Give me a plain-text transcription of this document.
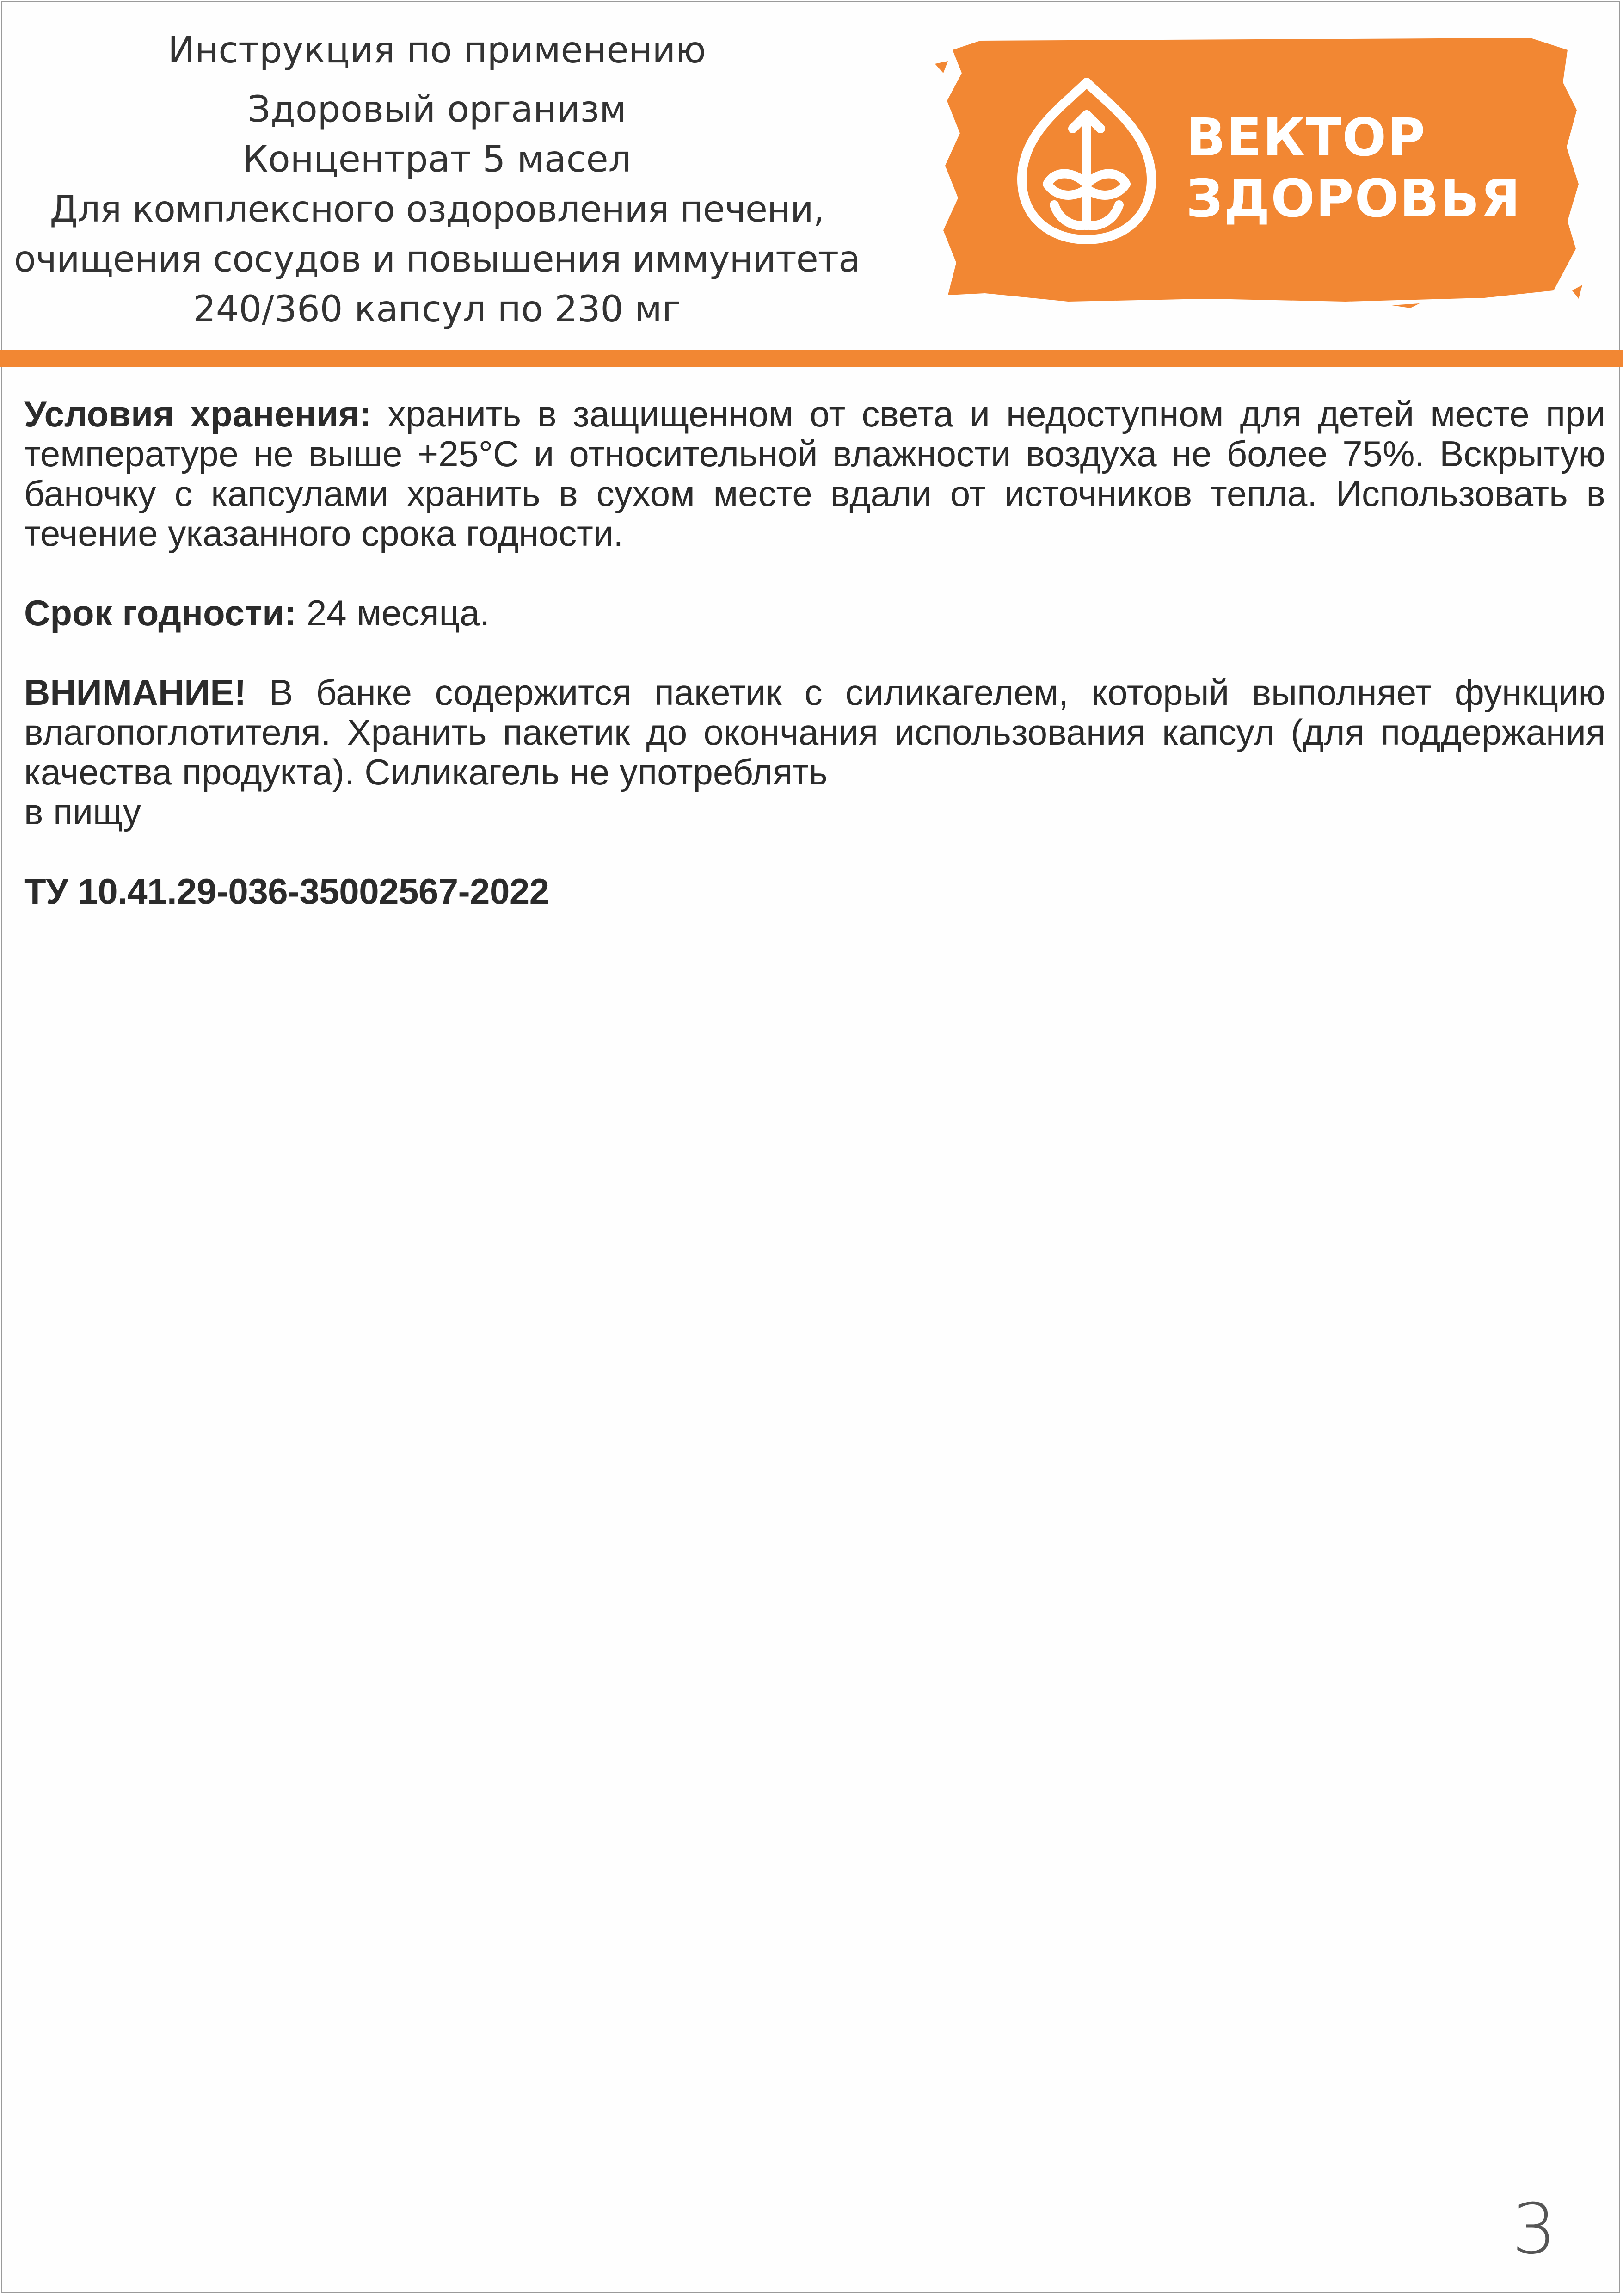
Инструкция по применению
Здоровый организм
Концентрат 5 масел
Для комплексного оздоровления печени,
очищения сосудов и повышения иммунитета
240/360 капсул по 230 мг
ВЕКТОР
ЗДОРОВЬЯ

Условия хранения: хранить в защищенном от света и недоступном для детей месте при температуре не выше +25°С и относительной влажности воздуха не более 75%. Вскрытую баночку с капсулами хранить в сухом месте вдали от источников тепла. Использовать в течение указанного срока годности.

Срок годности: 24 месяца.

ВНИМАНИЕ! В банке содержится пакетик с силикагелем, который выполняет функцию влагопоглотителя. Хранить пакетик до окончания использования капсул (для поддержания качества продукта). Силикагель не употреблять
в пищу

ТУ 10.41.29-036-35002567-2022

3
